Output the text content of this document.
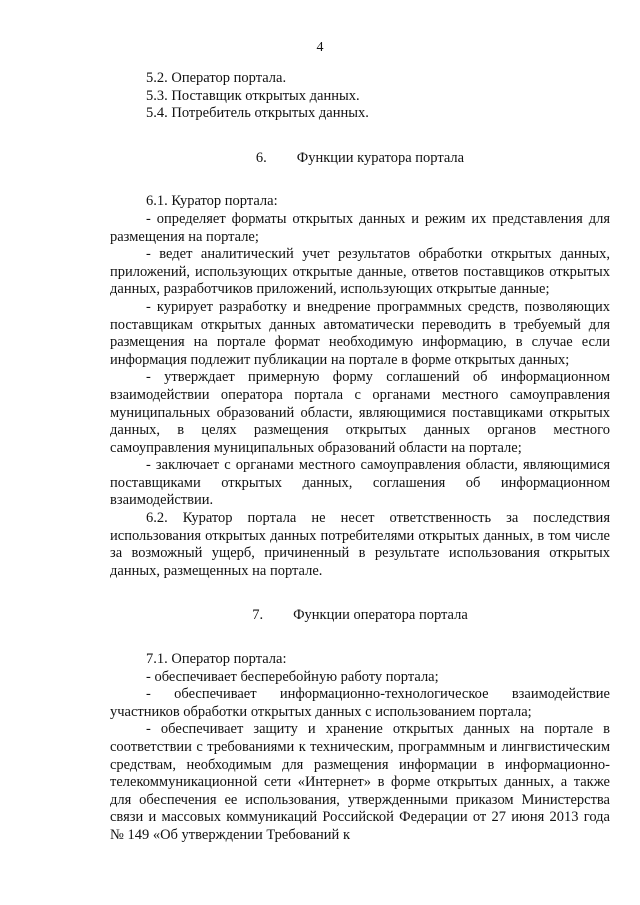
4

5.2. Оператор портала.

5.3. Поставщик открытых данных.

5.4. Потребитель открытых данных.

6. Функции куратора портала

6.1. Куратор портала:

- определяет форматы открытых данных и режим их представления для размещения на портале;

- ведет аналитический учет результатов обработки открытых данных, приложений, использующих открытые данные, ответов поставщиков открытых данных, разработчиков приложений, использующих открытые данные;

- курирует разработку и внедрение программных средств, позволяющих поставщикам открытых данных автоматически переводить в требуемый для размещения на портале формат необходимую информацию, в случае если информация подлежит публикации на портале в форме открытых данных;

- утверждает примерную форму соглашений об информационном взаимодействии оператора портала с органами местного самоуправления муниципальных образований области, являющимися поставщиками открытых данных, в целях размещения открытых данных органов местного самоуправления муниципальных образований области на портале;

- заключает с органами местного самоуправления области, являющимися поставщиками открытых данных, соглашения об информационном взаимодействии.

6.2. Куратор портала не несет ответственность за последствия использования открытых данных потребителями открытых данных, в том числе за возможный ущерб, причиненный в результате использования открытых данных, размещенных на портале.

7. Функции оператора портала

7.1. Оператор портала:

- обеспечивает бесперебойную работу портала;

- обеспечивает информационно-технологическое взаимодействие участников обработки открытых данных с использованием портала;

- обеспечивает защиту и хранение открытых данных на портале в соответствии с требованиями к техническим, программным и лингвистическим средствам, необходимым для размещения информации в информационно-телекоммуникационной сети «Интернет» в форме открытых данных, а также для обеспечения ее использования, утвержденными приказом Министерства связи и массовых коммуникаций Российской Федерации от 27 июня 2013 года № 149 «Об утверждении Требований к
